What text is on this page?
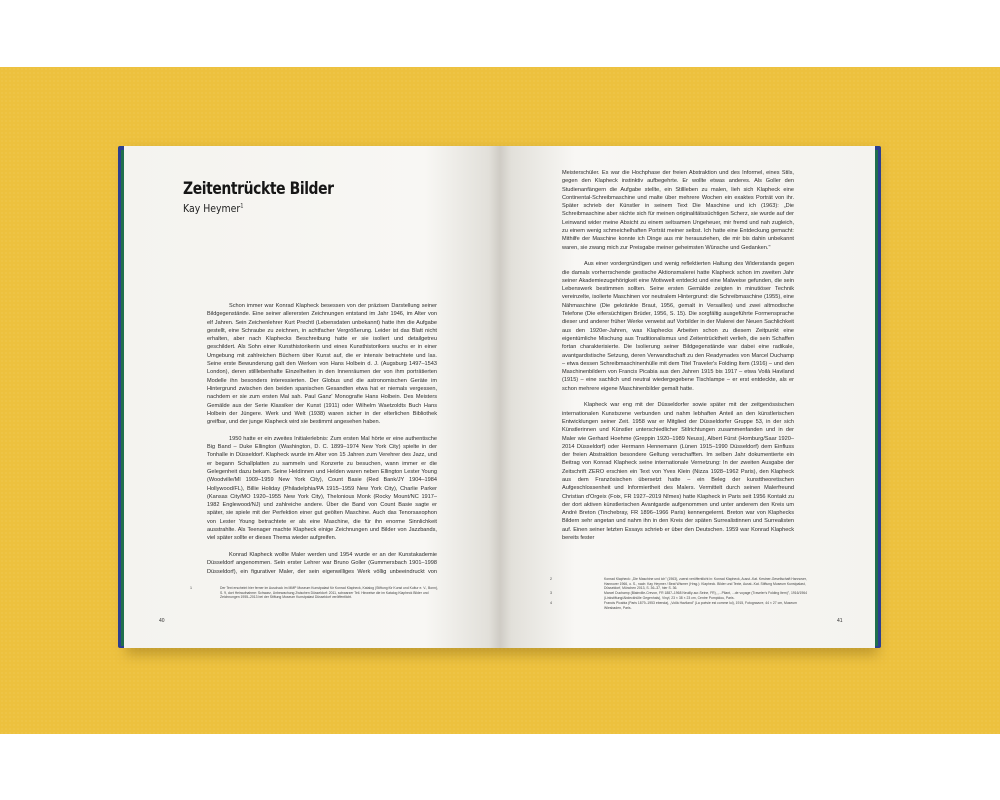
Zeitentrückte Bilder
Kay Heymer$^1$

Schon immer war Konrad Klapheck besessen von der präzisen Darstellung seiner Bildgegenstände. Eine seiner allerersten Zeichnungen entstand im Jahr 1946, im Alter von elf Jahren. Sein Zeichenlehrer Kurt Prechtl (Lebensdaten unbekannt) hatte ihm die Aufgabe gestellt, eine Schraube zu zeichnen, in achtfacher Vergrößerung. Leider ist das Blatt nicht erhalten, aber nach Klaphecks Beschreibung hatte er sie isoliert und detailgetreu geschildert. Als Sohn einer Kunsthistorikerin und eines Kunsthistorikers wuchs er in einer Umgebung mit zahlreichen Büchern über Kunst auf, die er intensiv betrachtete und las. Seine erste Bewunderung galt den Werken von Hans Holbein d. J. (Augsburg 1497–1543 London), deren stilllebenhafte Einzelheiten in den Innenräumen der von ihm porträtierten Modelle ihn besonders interessierten. Der Globus und die astronomischen Geräte im Hintergrund zwischen den beiden spanischen Gesandten etwa hat er niemals vergessen, nachdem er sie zum ersten Mal sah. Paul Ganz' Monografie Hans Holbein. Des Meisters Gemälde aus der Serie Klassiker der Kunst (1911) oder Wilhelm Waetzoldts Buch Hans Holbein der Jüngere. Werk und Welt (1938) waren sicher in der elterlichen Bibliothek greifbar, und der junge Klapheck wird sie bestimmt angesehen haben.

1950 hatte er ein zweites Initialerlebnis: Zum ersten Mal hörte er eine authentische Big Band – Duke Ellington (Washington, D. C. 1899–1974 New York City) spielte in der Tonhalle in Düsseldorf. Klapheck wurde im Alter von 15 Jahren zum Verehrer des Jazz, und er begann Schallplatten zu sammeln und Konzerte zu besuchen, wann immer er die Gelegenheit dazu bekam. Seine Heldinnen und Helden waren neben Ellington Lester Young (Woodville/MI 1909–1959 New York City), Count Basie (Red Bank/JY 1904–1984 Hollywood/FL), Billie Holiday (Philadelphia/PA 1915–1959 New York City), Charlie Parker (Kansas City/MO 1920–1955 New York City), Thelonious Monk (Rocky Mount/NC 1917–1982 Englewood/NJ) und zahlreiche andere. Über die Band von Count Basie sagte er später, sie spiele mit der Perfektion einer gut geölten Maschine. Auch das Tenorsaxophon von Lester Young betrachtete er als eine Maschine, die für ihn enorme Sinnlichkeit ausstrahlte. Als Teenager machte Klapheck einige Zeichnungen und Bilder von Jazzbands, viel später sollte er dieses Thema wieder aufgreifen.

Konrad Klapheck wollte Maler werden und 1954 wurde er an der Kunstakademie Düsseldorf angenommen. Sein erster Lehrer war Bruno Goller (Gummersbach 1901–1998 Düsseldorf), ein figurativer Maler, der sein eigenwilliges Werk völlig unbeeindruckt von

1	Der Text erscheint hier ferner im Ausdruck im MMP Museum Kunstpalast für Konrad Klapheck, Katalog (Stiftung für Kunst und Kultur e. V., Bonn), S. 9, dort Heiraufnahme: Schwarz, Unbewachung Zwischen Düsseldorf: 2011, schwarzer Teil. Hinweise die im Katalog Klapheck Bilder und Zeichnungen 1955–2013 bei der Stiftung Museum Kunstpalast Düsseldorf veröffentlicht.
40

Meisterschüler. Es war die Hochphase der freien Abstraktion und des Informel, eines Stils, gegen den Klapheck instinktiv aufbegehrte. Er wollte etwas anderes. Als Goller den Studienanfängern die Aufgabe stellte, ein Stillleben zu malen, lieh sich Klapheck eine Continental-Schreibmaschine und malte über mehrere Wochen ein exaktes Porträt von ihr. Später schrieb der Künstler in seinem Text Die Maschine und ich (1963): „Die Schreibmaschine aber rächte sich für meinen originalitätssüchtigen Scherz, sie wurde auf der Leinwand wider meine Absicht zu einem seltsamen Ungeheuer, mir fremd und nah zugleich, zu einem wenig schmeichelhaften Porträt meiner selbst. Ich hatte eine Entdeckung gemacht: Mithilfe der Maschine konnte ich Dinge aus mir herausziehen, die mir bis dahin unbekannt waren, sie zwang mich zur Preisgabe meiner geheimsten Wünsche und Gedanken."

Aus einer vordergründigen und wenig reflektierten Haltung des Widerstands gegen die damals vorherrschende gestische Aktionsmalerei hatte Klapheck schon im zweiten Jahr seiner Akademiezugehörigkeit eine Motivwelt entdeckt und eine Malweise gefunden, die sein Lebenswerk bestimmen sollten. Seine ersten Gemälde zeigten in minutiöser Technik vereinzelte, isolierte Maschinen vor neutralem Hintergrund: die Schreibmaschine (1955), eine Nähmaschine (Die gekränkte Braut, 1956, gemalt in Versailles) und zwei altmodische Telefone (Die eifersüchtigen Brüder, 1956, S. 15). Die sorgfältig ausgeführte Formensprache dieser und anderer früher Werke verweist auf Vorbilder in der Malerei der Neuen Sachlichkeit aus den 1920er-Jahren, was Klaphecks Arbeiten schon zu diesem Zeitpunkt eine eigentümliche Mischung aus Traditionalismus und Zeitentrücktheit verlieh, die sein Schaffen fortan charakterisierte. Die Isolierung seiner Bildgegenstände war dabei eine radikale, avantgardistische Setzung, deren Verwandtschaft zu den Readymades von Marcel Duchamp – etwa dessen Schreibmaschinenhülle mit dem Titel Traveler's Folding Item (1916) – und den Maschinenbildern von Francis Picabia aus den Jahren 1915 bis 1917 – etwa Voilà Haviland (1915) – eine sachlich und neutral wiedergegebene Tischlampe – er erst entdeckte, als er schon mehrere eigene Maschinenbilder gemalt hatte.

Klapheck war eng mit der Düsseldorfer sowie später mit der zeitgenössischen internationalen Kunstszene verbunden und nahm lebhaften Anteil an den künstlerischen Entwicklungen seiner Zeit. 1958 war er Mitglied der Düsseldorfer Gruppe 53, in der sich Künstlerinnen und Künstler unterschiedlicher Stilrichtungen zusammenfanden und in der Maler wie Gerhard Hoehme (Greppin 1920–1989 Neuss), Albert Fürst (Homburg/Saar 1920–2014 Düsseldorf) oder Hermann Hennemann (Lünen 1915–1990 Düsseldorf) dem Einfluss der freien Abstraktion besondere Geltung verschafften. Im selben Jahr dokumentierte ein Beitrag von Konrad Klapheck seine internationale Vernetzung: In der zweiten Ausgabe der Zeitschrift ZERO erschien ein Text von Yves Klein (Nizza 1928–1962 Paris), den Klapheck aus dem Französischen übersetzt hatte – ein Beleg der kunsttheoretischen Aufgeschlossenheit und Informiertheit des Malers. Vermittelt durch seinen Malerfreund Christian d'Orgeix (Foix, FR 1927–2019 Nîmes) hatte Klapheck in Paris seit 1956 Kontakt zu der dort aktiven künstlerischen Avantgarde aufgenommen und unter anderem den Kreis um André Breton (Tinchebray, FR 1896–1966 Paris) kennengelernt. Breton war von Klaphecks Bildern sehr angetan und nahm ihn in den Kreis der späten Surrealistinnen und Surrealisten auf. Einen seiner letzten Essays schrieb er über den Deutschen. 1959 war Konrad Klapheck bereits fester

2	Konrad Klapheck: „Die Maschine und ich" (1963), zuerst veröffentlicht in: Konrad Klapheck, Ausst.-Kat. Kestner-Gesellschaft Hannover, Hannover 1966, o. S., nach: Kay Heymer / Beat Wismer (Hrsg.): Klapheck. Bilder und Texte, Ausst.-Kat. Stiftung Museum Kunstpalast, Düsseldorf, München 2013, S. 36–37, hier S. 36.
3	Marcel Duchamp (Blainville-Crevon, FR 1887–1968 Neuilly-sur-Seine, FR), „...Pliant, ...de voyage (Traveler's Folding Item)", 1916/1964 (Linkstiftung/Abdeckhülle Gegenhals), Vinyl, 23 × 38 × 23 cm, Centre Pompidou, Paris.
4	Francis Picabia (Paris 1879–1953 ebenda), „Voilà Haviland" (La poésie est comme lui), 1915, Fotogravure, 44 × 27 cm, Museum Wiesbaden, Paris.
41
